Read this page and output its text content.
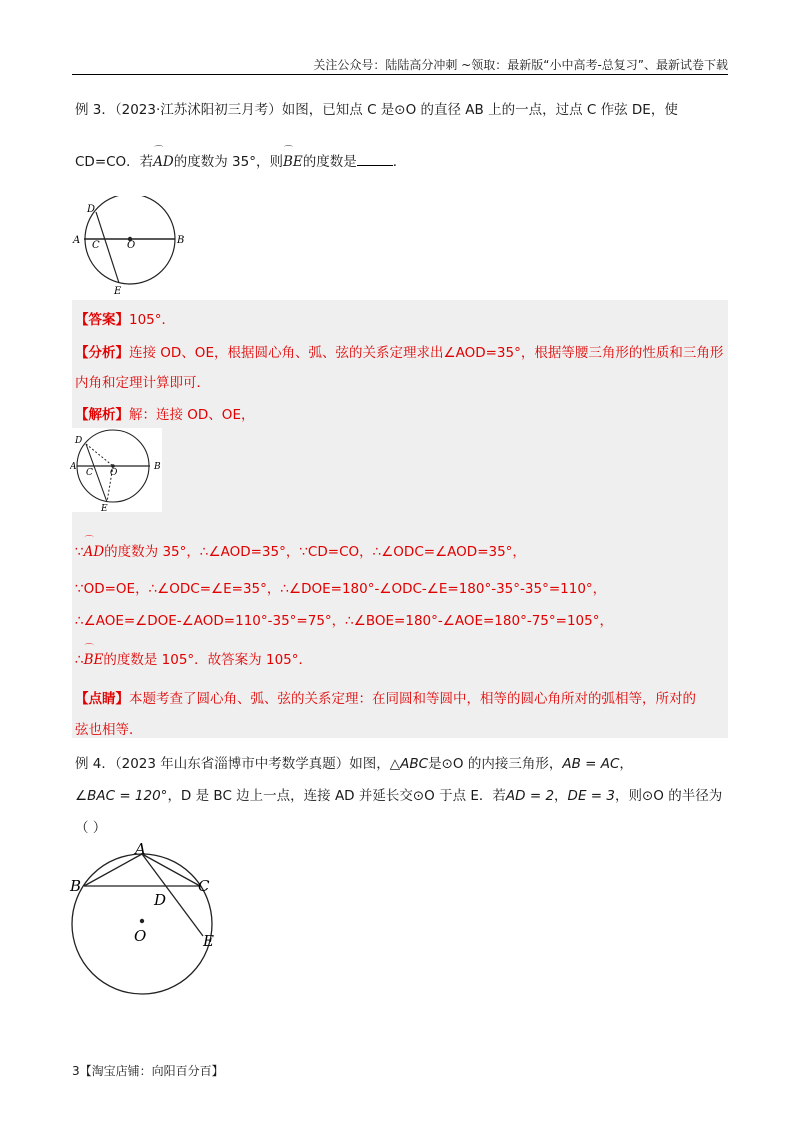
关注公众号：陆陆高分冲刺 ~领取：最新版“小中高考-总复习”、最新试卷下载
例 3．（2023·江苏沭阳初三月考）如图，已知点 C 是⊙O 的直径 AB 上的一点，过点 C 作弦 DE，使
CD=CO．若
⌒
AD的度数为 35°，则
⌒
BE的度数是	．
D
A C	O	B
E
【答案】105°．
【分析】连接 OD、OE，根据圆心角、弧、弦的关系定理求出∠AOD=35°，根据等腰三角形的性质和三角形
内角和定理计算即可．
【解析】解：连接 OD、OE，
D
A
C O
B
E
∵
⌒
AD的度数为 35°，∴∠AOD=35°，∵CD=CO，∴∠ODC=∠AOD=35°，
∵OD=OE，∴∠ODC=∠E=35°，∴∠DOE=180°-∠ODC-∠E=180°-35°-35°=110°，
∴∠AOE=∠DOE-∠AOD=110°-35°=75°，∴∠BOE=180°-∠AOE=180°-75°=105°，
∴
⌒
BE的度数是 105°．故答案为 105°．
【点睛】本题考查了圆心角、弧、弦的关系定理：在同圆和等圆中，相等的圆心角所对的弧相等，所对的
弦也相等．
例 4．（2023 年山东省淄博市中考数学真题）如图，△ABC是⊙O 的内接三角形，AB = AC，
∠BAC = 120°，D 是 BC 边上一点，连接 AD 并延长交⊙O 于点 E．若AD = 2，DE = 3，则⊙O 的半径为
（ ）
A
B	C
D
O	E
3【淘宝店铺：向阳百分百】
